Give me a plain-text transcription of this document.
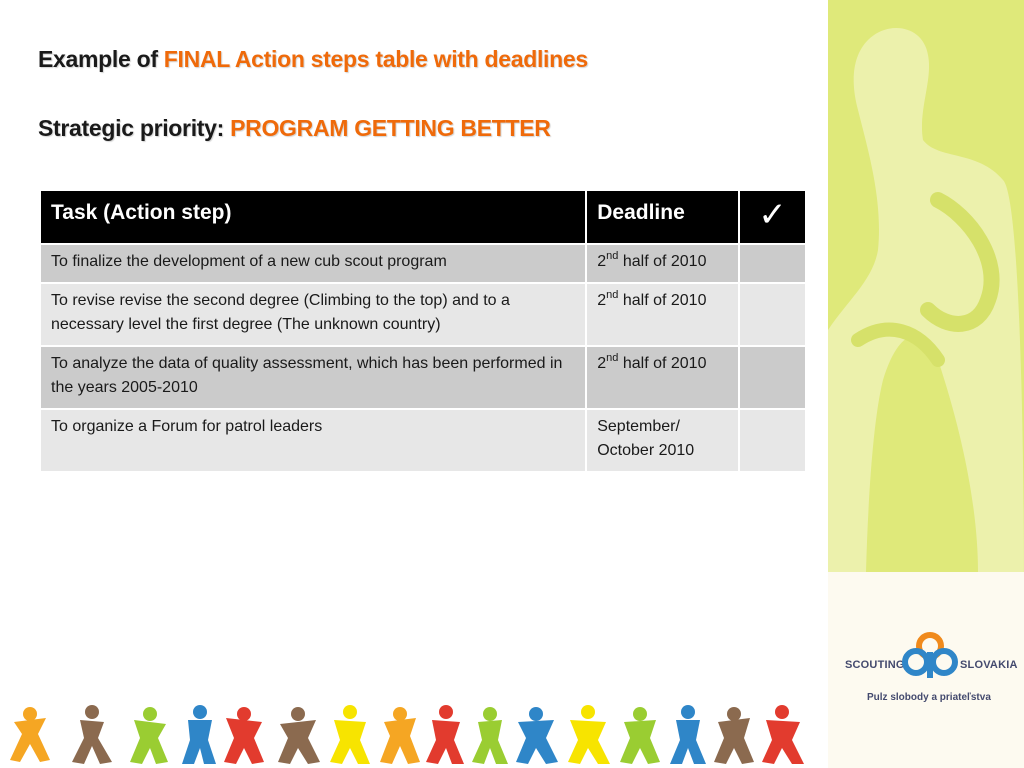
Example of FINAL Action steps table with deadlines
Strategic priority: PROGRAM GETTING BETTER
Task (Action step)	Deadline	✓
To finalize the development of a new cub scout program	2nd half of 2010	
To revise revise the second degree (Climbing to the top) and to a necessary level the first degree (The unknown country)	2nd half of 2010	
To analyze the data of quality assessment, which has been performed in the years 2005-2010	2nd half of 2010	
To organize a Forum for patrol leaders	September/
October 2010	
SCOUTING	SLOVAKIA
Pulz slobody a priateľstva
